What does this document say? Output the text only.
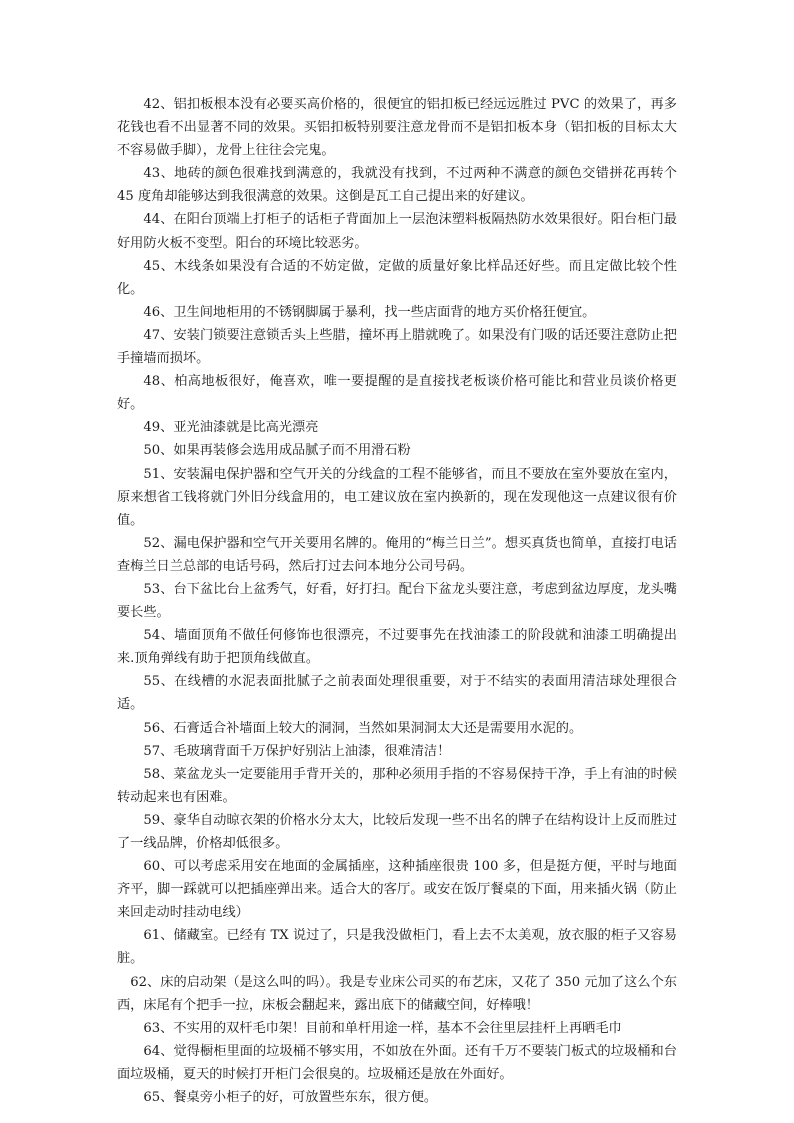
42、铝扣板根本没有必要买高价格的，很便宜的铝扣板已经远远胜过 PVC 的效果了，再多花钱也看不出显著不同的效果。买铝扣板特别要注意龙骨而不是铝扣板本身（铝扣板的目标太大不容易做手脚），龙骨上往往会完鬼。

43、地砖的颜色很难找到满意的，我就没有找到，不过两种不满意的颜色交错拼花再转个 45 度角却能够达到我很满意的效果。这倒是瓦工自己提出来的好建议。

44、在阳台顶端上打柜子的话柜子背面加上一层泡沫塑料板隔热防水效果很好。阳台柜门最好用防火板不变型。阳台的环境比较恶劣。

45、木线条如果没有合适的不妨定做，定做的质量好象比样品还好些。而且定做比较个性化。

46、卫生间地柜用的不锈钢脚属于暴利，找一些店面背的地方买价格狂便宜。

47、安装门锁要注意锁舌头上些腊，撞坏再上腊就晚了。如果没有门吸的话还要注意防止把手撞墙而损坏。

48、柏高地板很好，俺喜欢，唯一要提醒的是直接找老板谈价格可能比和营业员谈价格更好。

49、亚光油漆就是比高光漂亮

50、如果再装修会选用成品腻子而不用滑石粉

51、安装漏电保护器和空气开关的分线盒的工程不能够省，而且不要放在室外要放在室内，原来想省工钱将就门外旧分线盒用的，电工建议放在室内换新的，现在发现他这一点建议很有价值。

52、漏电保护器和空气开关要用名牌的。俺用的“梅兰日兰”。想买真货也简单，直接打电话查梅兰日兰总部的电话号码，然后打过去问本地分公司号码。

53、台下盆比台上盆秀气，好看，好打扫。配台下盆龙头要注意，考虑到盆边厚度，龙头嘴要长些。

54、墙面顶角不做任何修饰也很漂亮，不过要事先在找油漆工的阶段就和油漆工明确提出来.顶角弹线有助于把顶角线做直。

55、在线槽的水泥表面批腻子之前表面处理很重要，对于不结实的表面用清洁球处理很合适。

56、石膏适合补墙面上较大的洞洞，当然如果洞洞太大还是需要用水泥的。

57、毛玻璃背面千万保护好别沾上油漆，很难清洁！

58、菜盆龙头一定要能用手背开关的，那种必须用手指的不容易保持干净，手上有油的时候转动起来也有困难。

59、豪华自动晾衣架的价格水分太大，比较后发现一些不出名的牌子在结构设计上反而胜过了一线品牌，价格却低很多。

60、可以考虑采用安在地面的金属插座，这种插座很贵 100 多，但是挺方便，平时与地面齐平，脚一踩就可以把插座弹出来。适合大的客厅。或安在饭厅餐桌的下面，用来插火锅（防止来回走动时挂动电线）

61、储藏室。已经有 TX 说过了，只是我没做柜门，看上去不太美观，放衣服的柜子又容易脏。

62、床的启动架（是这么叫的吗）。我是专业床公司买的布艺床，又花了 350 元加了这么个东西，床尾有个把手一拉，床板会翻起来，露出底下的储藏空间，好棒哦！

63、不实用的双杆毛巾架！目前和单杆用途一样，基本不会往里层挂杆上再晒毛巾

64、觉得橱柜里面的垃圾桶不够实用，不如放在外面。还有千万不要装门板式的垃圾桶和台面垃圾桶，夏天的时候打开柜门会很臭的。垃圾桶还是放在外面好。

65、餐桌旁小柜子的好，可放置些东东，很方便。
